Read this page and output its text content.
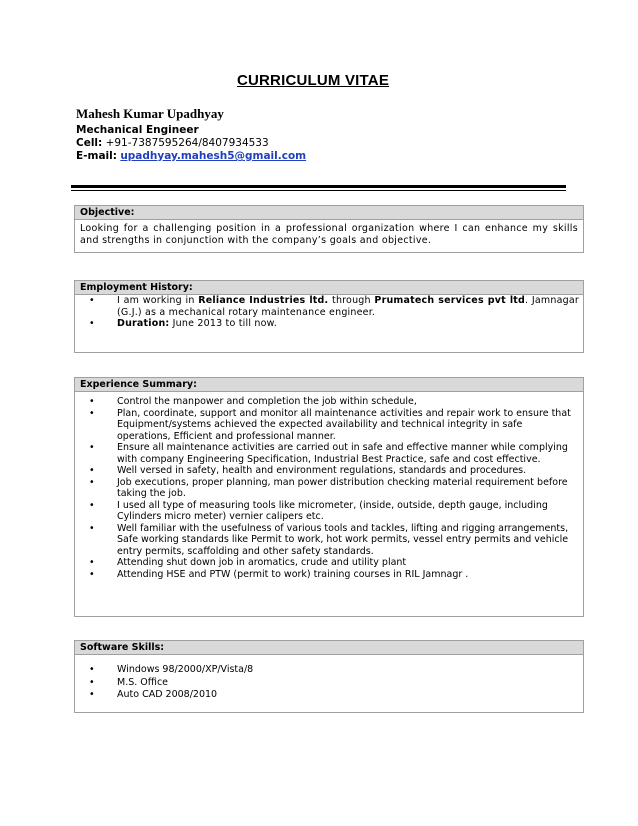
CURRICULUM VITAE
Mahesh Kumar Upadhyay
Mechanical Engineer
Cell: +91-7387595264/8407934533
E-mail: upadhyay.mahesh5@gmail.com
Objective:
Looking for a challenging position in a professional organization where I can enhance my skills and strengths in conjunction with the company’s goals and objective.
Employment History:
• I am working in Reliance Industries ltd. through Prumatech services pvt ltd. Jamnagar (G.J.) as a mechanical rotary maintenance engineer.
• Duration: June 2013 to till now.
Experience Summary:
• Control the manpower and completion the job within schedule,
• Plan, coordinate, support and monitor all maintenance activities and repair work to ensure that Equipment/systems achieved the expected availability and technical integrity in safe operations, Efficient and professional manner.
• Ensure all maintenance activities are carried out in safe and effective manner while complying with company Engineering Specification, Industrial Best Practice, safe and cost effective.
• Well versed in safety, health and environment regulations, standards and procedures.
• Job executions, proper planning, man power distribution checking material requirement before taking the job.
• I used all type of measuring tools like micrometer, (inside, outside, depth gauge, including Cylinders micro meter) vernier calipers etc.
• Well familiar with the usefulness of various tools and tackles, lifting and rigging arrangements, Safe working standards like Permit to work, hot work permits, vessel entry permits and vehicle entry permits, scaffolding and other safety standards.
• Attending shut down job in aromatics, crude and utility plant
• Attending HSE and PTW (permit to work) training courses in RIL Jamnagr .
Software Skills:
• Windows 98/2000/XP/Vista/8
• M.S. Office
• Auto CAD 2008/2010
